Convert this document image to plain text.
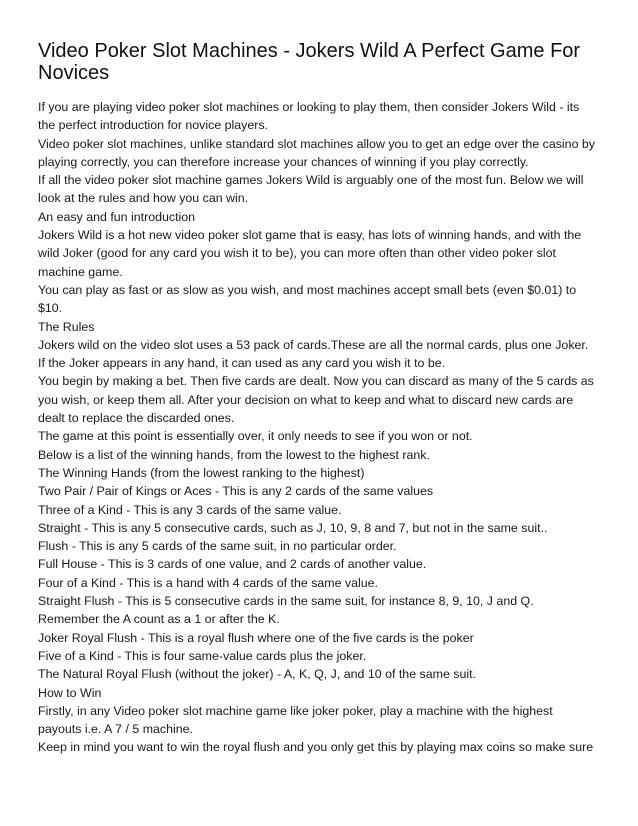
Video Poker Slot Machines - Jokers Wild A Perfect Game For
Novices

If you are playing video poker slot machines or looking to play them, then consider Jokers Wild - its

the perfect introduction for novice players.

Video poker slot machines, unlike standard slot machines allow you to get an edge over the casino by

playing correctly, you can therefore increase your chances of winning if you play correctly.

If all the video poker slot machine games Jokers Wild is arguably one of the most fun. Below we will

look at the rules and how you can win.

An easy and fun introduction

Jokers Wild is a hot new video poker slot game that is easy, has lots of winning hands, and with the

wild Joker (good for any card you wish it to be), you can more often than other video poker slot

machine game.

You can play as fast or as slow as you wish, and most machines accept small bets (even $0.01) to

$10.

The Rules

Jokers wild on the video slot uses a 53 pack of cards.These are all the normal cards, plus one Joker.

If the Joker appears in any hand, it can used as any card you wish it to be.

You begin by making a bet. Then five cards are dealt. Now you can discard as many of the 5 cards as

you wish, or keep them all. After your decision on what to keep and what to discard new cards are

dealt to replace the discarded ones.

The game at this point is essentially over, it only needs to see if you won or not.

Below is a list of the winning hands, from the lowest to the highest rank.

The Winning Hands (from the lowest ranking to the highest)

Two Pair / Pair of Kings or Aces - This is any 2 cards of the same values

Three of a Kind - This is any 3 cards of the same value.

Straight - This is any 5 consecutive cards, such as J, 10, 9, 8 and 7, but not in the same suit..

Flush - This is any 5 cards of the same suit, in no particular order.

Full House - This is 3 cards of one value, and 2 cards of another value.

Four of a Kind - This is a hand with 4 cards of the same value.

Straight Flush - This is 5 consecutive cards in the same suit, for instance 8, 9, 10, J and Q.

Remember the A count as a 1 or after the K.

Joker Royal Flush - This is a royal flush where one of the five cards is the poker

Five of a Kind - This is four same-value cards plus the joker.

The Natural Royal Flush (without the joker) - A, K, Q, J, and 10 of the same suit.

How to Win

Firstly, in any Video poker slot machine game like joker poker, play a machine with the highest

payouts i.e. A 7 / 5 machine.

Keep in mind you want to win the royal flush and you only get this by playing max coins so make sure
